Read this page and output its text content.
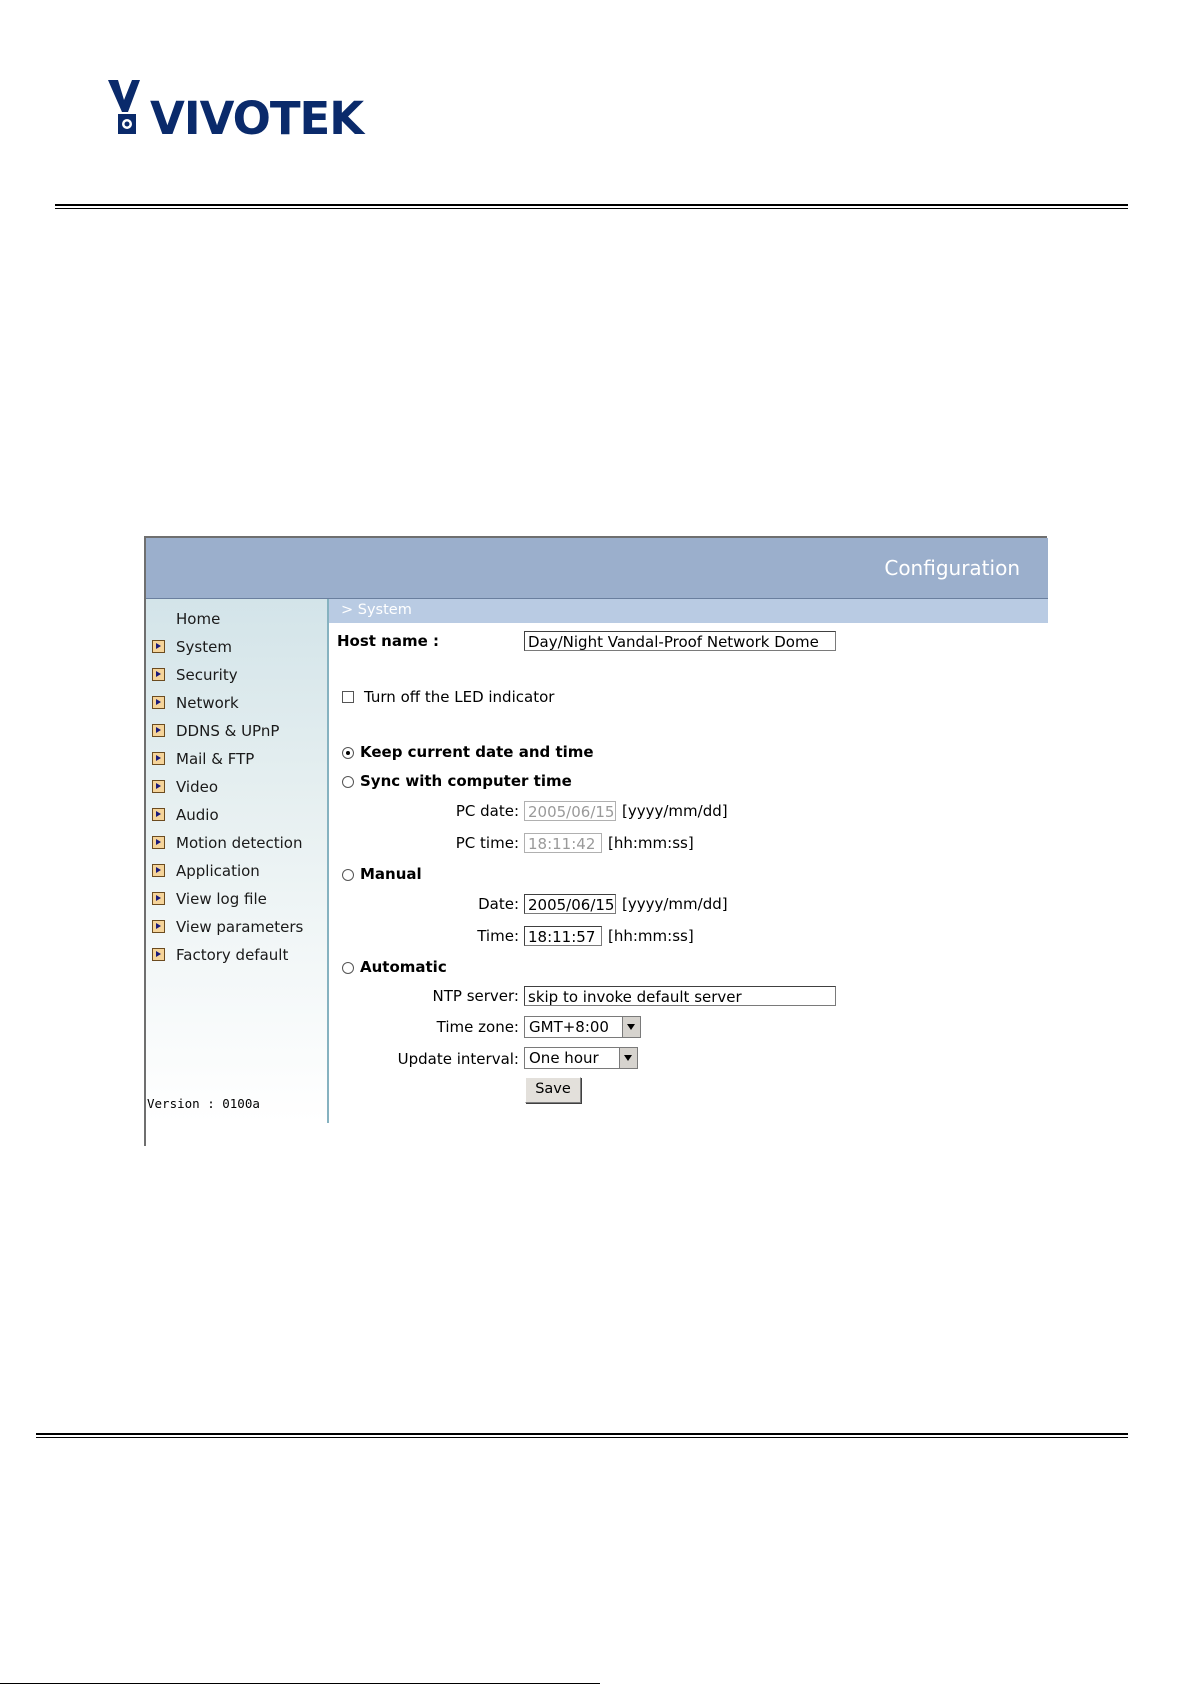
VIVOTEK
Configuration
Home
System
Security
Network
DDNS & UPnP
Mail & FTP
Video
Audio
Motion detection
Application
View log file
View parameters
Factory default
Version : 0100a
> System
Host name :	Day/Night Vandal-Proof Network Dome
Turn off the LED indicator
Keep current date and time
Sync with computer time
PC date: 2005/06/15 [yyyy/mm/dd]
PC time: 18:11:42 [hh:mm:ss]
Manual
Date: 2005/06/15 [yyyy/mm/dd]
Time: 18:11:57 [hh:mm:ss]
Automatic
NTP server: skip to invoke default server
Time zone: GMT+8:00
Update interval: One hour
Save
